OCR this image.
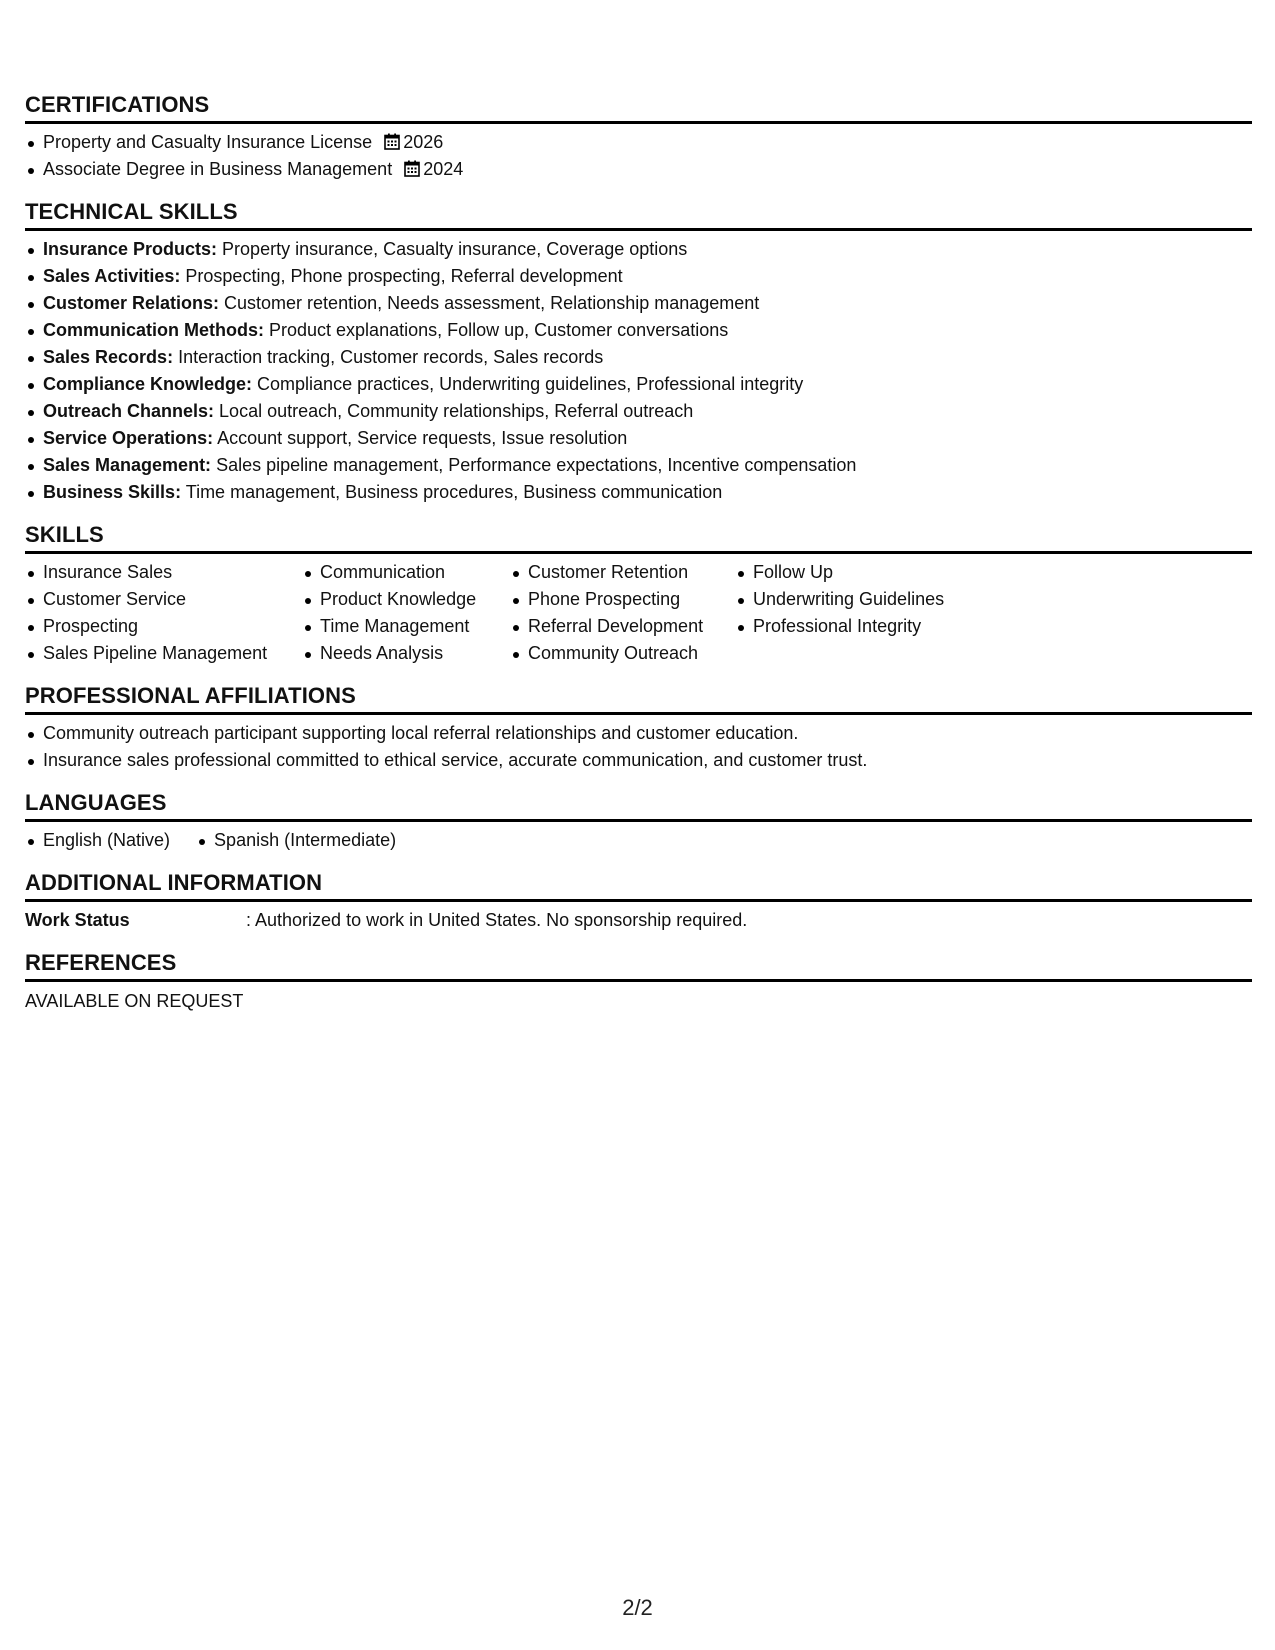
CERTIFICATIONS
Property and Casualty Insurance License 2026
Associate Degree in Business Management 2024
TECHNICAL SKILLS
Insurance Products: Property insurance, Casualty insurance, Coverage options
Sales Activities: Prospecting, Phone prospecting, Referral development
Customer Relations: Customer retention, Needs assessment, Relationship management
Communication Methods: Product explanations, Follow up, Customer conversations
Sales Records: Interaction tracking, Customer records, Sales records
Compliance Knowledge: Compliance practices, Underwriting guidelines, Professional integrity
Outreach Channels: Local outreach, Community relationships, Referral outreach
Service Operations: Account support, Service requests, Issue resolution
Sales Management: Sales pipeline management, Performance expectations, Incentive compensation
Business Skills: Time management, Business procedures, Business communication
SKILLS
Insurance Sales
Customer Service
Prospecting
Sales Pipeline Management
Communication
Product Knowledge
Time Management
Needs Analysis
Customer Retention
Phone Prospecting
Referral Development
Community Outreach
Follow Up
Underwriting Guidelines
Professional Integrity
PROFESSIONAL AFFILIATIONS
Community outreach participant supporting local referral relationships and customer education.
Insurance sales professional committed to ethical service, accurate communication, and customer trust.
LANGUAGES
English (Native)	Spanish (Intermediate)
ADDITIONAL INFORMATION
Work Status	: Authorized to work in United States. No sponsorship required.
REFERENCES
AVAILABLE ON REQUEST
2/2
